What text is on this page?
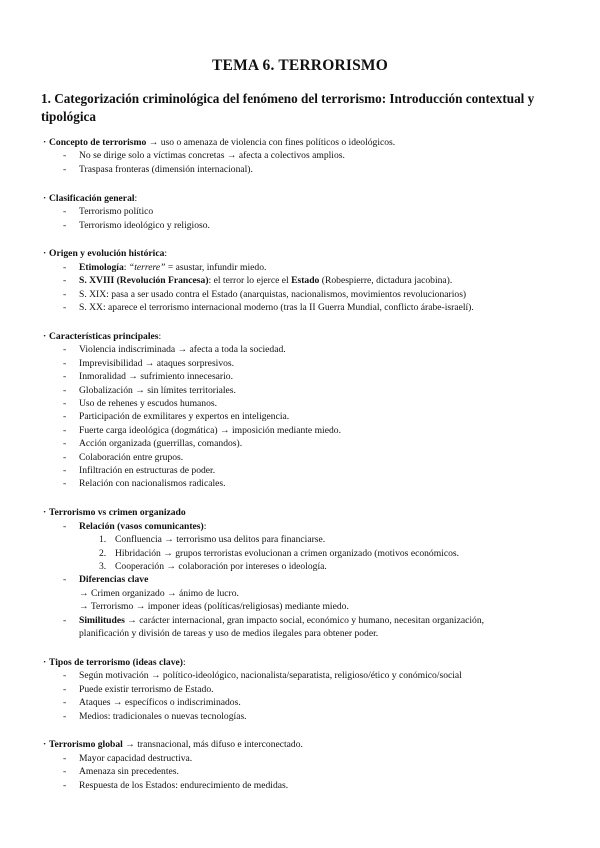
TEMA 6. TERRORISMO
1. Categorización criminológica del fenómeno del terrorismo: Introducción contextual y tipológica
· Concepto de terrorismo → uso o amenaza de violencia con fines políticos o ideológicos.
- No se dirige solo a víctimas concretas → afecta a colectivos amplios.
- Traspasa fronteras (dimensión internacional).
· Clasificación general:
- Terrorismo político
- Terrorismo ideológico y religioso.
· Origen y evolución histórica:
- Etimología: “terrere” = asustar, infundir miedo.
- S. XVIII (Revolución Francesa): el terror lo ejerce el Estado (Robespierre, dictadura jacobina).
- S. XIX: pasa a ser usado contra el Estado (anarquistas, nacionalismos, movimientos revolucionarios)
- S. XX: aparece el terrorismo internacional moderno (tras la II Guerra Mundial, conflicto árabe-israelí).
· Características principales:
- Violencia indiscriminada → afecta a toda la sociedad.
- Imprevisibilidad → ataques sorpresivos.
- Inmoralidad → sufrimiento innecesario.
- Globalización → sin límites territoriales.
- Uso de rehenes y escudos humanos.
- Participación de exmilitares y expertos en inteligencia.
- Fuerte carga ideológica (dogmática) → imposición mediante miedo.
- Acción organizada (guerrillas, comandos).
- Colaboración entre grupos.
- Infiltración en estructuras de poder.
- Relación con nacionalismos radicales.
· Terrorismo vs crimen organizado
- Relación (vasos comunicantes):
1. Confluencia → terrorismo usa delitos para financiarse.
2. Hibridación → grupos terroristas evolucionan a crimen organizado (motivos económicos.
3. Cooperación → colaboración por intereses o ideología.
- Diferencias clave
→ Crimen organizado → ánimo de lucro.
→ Terrorismo → imponer ideas (políticas/religiosas) mediante miedo.
- Similitudes → carácter internacional, gran impacto social, económico y humano, necesitan organización,
planificación y división de tareas y uso de medios ilegales para obtener poder.
· Tipos de terrorismo (ideas clave):
- Según motivación → político-ideológico, nacionalista/separatista, religioso/ético y conómico/social
- Puede existir terrorismo de Estado.
- Ataques → específicos o indiscriminados.
- Medios: tradicionales o nuevas tecnologías.
· Terrorismo global → transnacional, más difuso e interconectado.
- Mayor capacidad destructiva.
- Amenaza sin precedentes.
- Respuesta de los Estados: endurecimiento de medidas.
